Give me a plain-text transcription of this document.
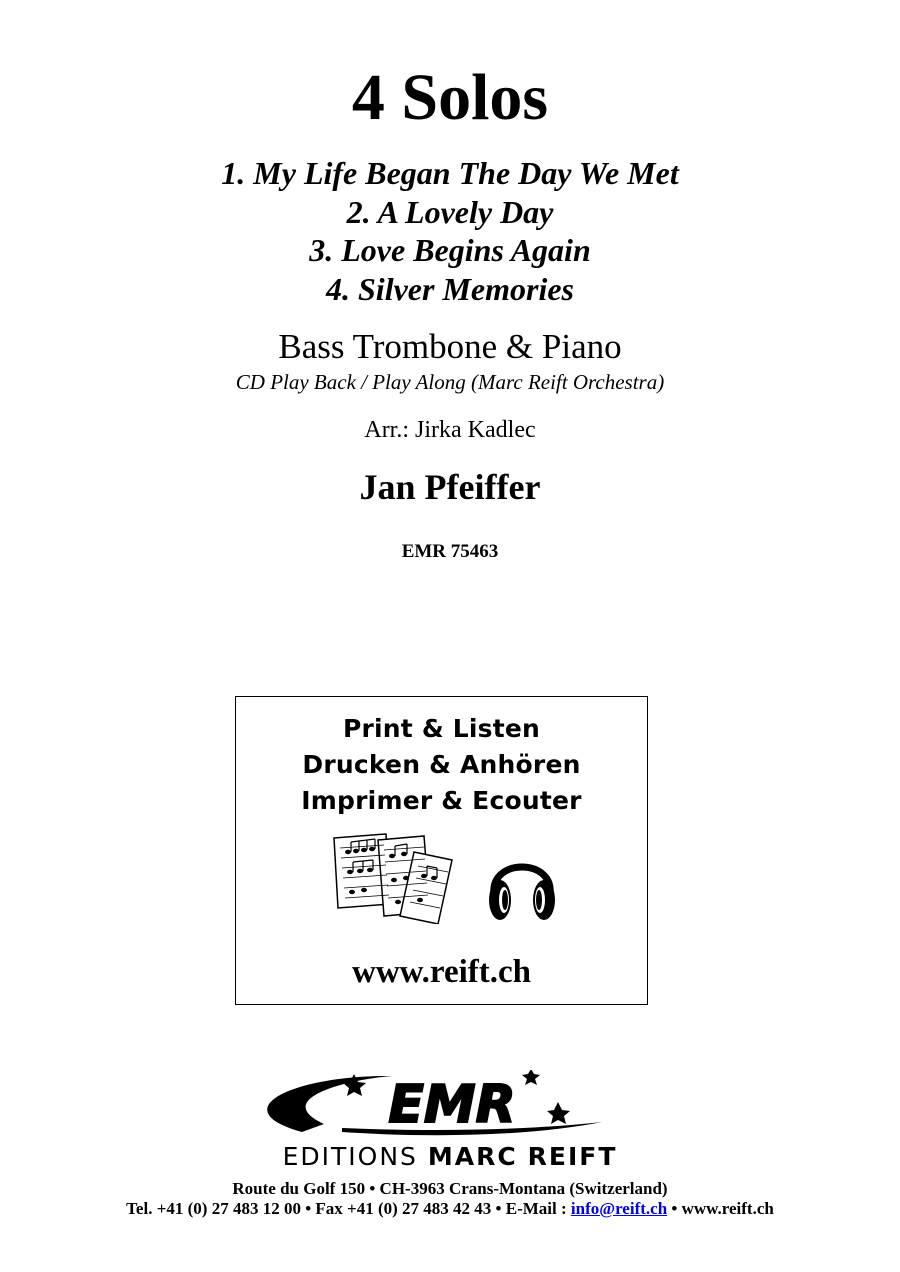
4 Solos
1. My Life Began The Day We Met
2. A Lovely Day
3. Love Begins Again
4. Silver Memories
Bass Trombone & Piano
CD Play Back / Play Along (Marc Reift Orchestra)
Arr.: Jirka Kadlec
Jan Pfeiffer
EMR 75463
Print & Listen
Drucken & Anhören
Imprimer & Ecouter
www.reift.ch
EMR
EDITIONS MARC REIFT
Route du Golf 150 • CH-3963 Crans-Montana (Switzerland)
Tel. +41 (0) 27 483 12 00 • Fax +41 (0) 27 483 42 43 • E-Mail : info@reift.ch • www.reift.ch
